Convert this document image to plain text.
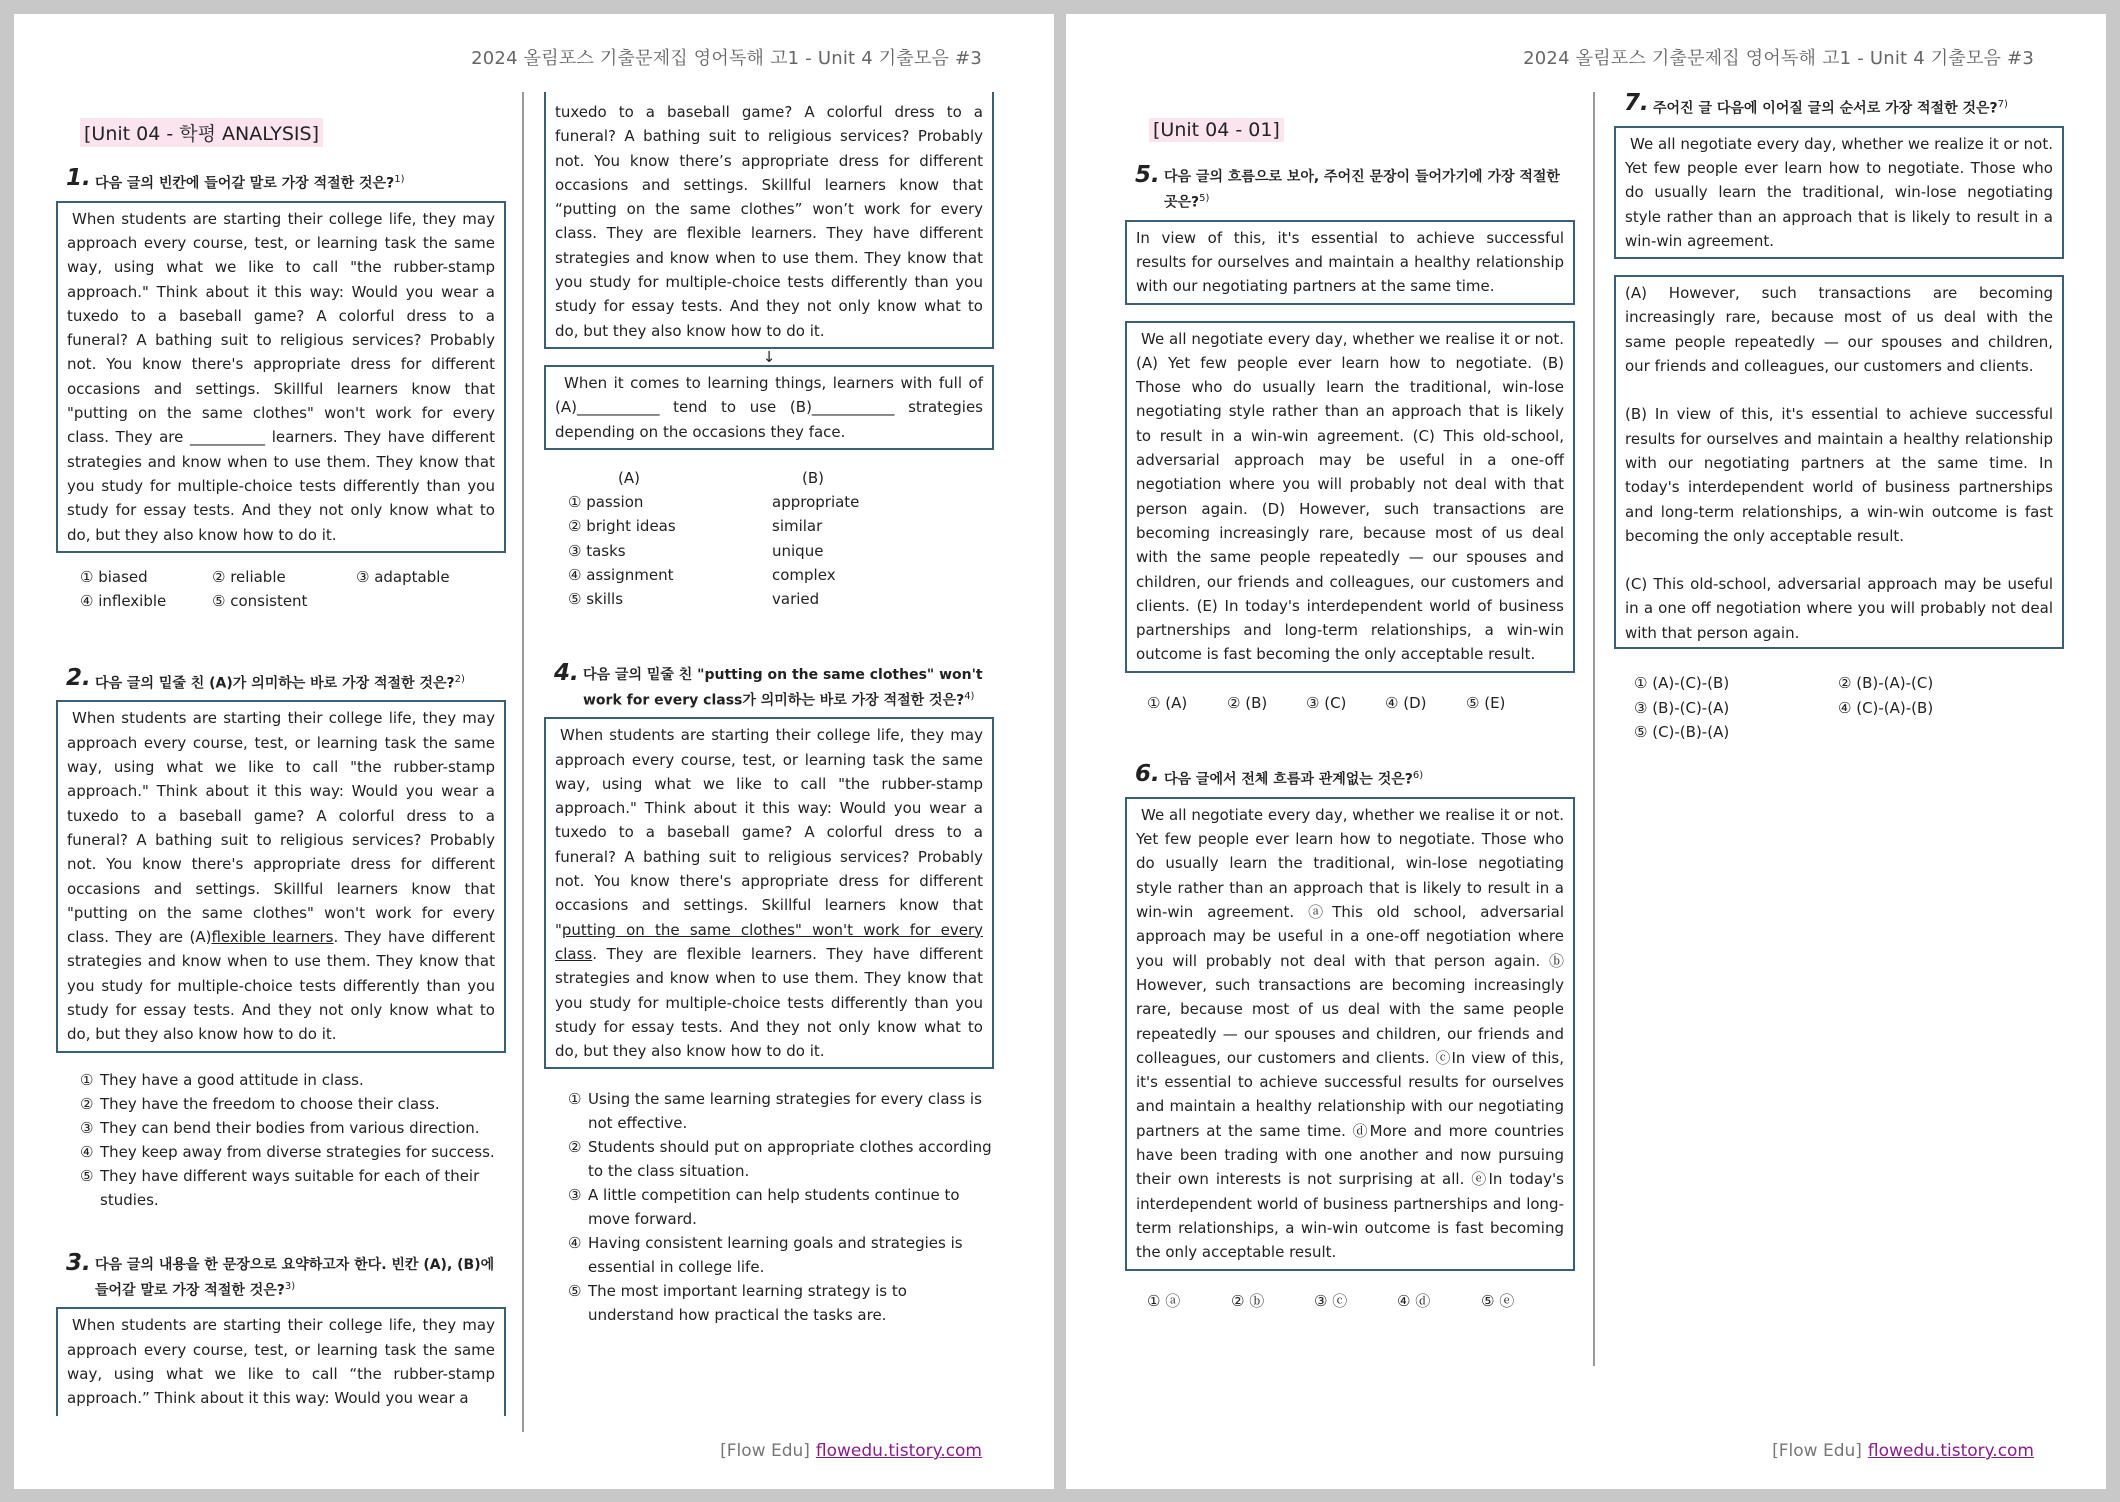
2024 올림포스 기출문제집 영어독해 고1 - Unit 4 기출모음 #3
[Unit 04 - 학평 ANALYSIS]
1. 다음 글의 빈칸에 들어갈 말로 가장 적절한 것은?$^{1)}$
When students are starting their college life, they may approach every course, test, or learning task the same way, using what we like to call "the rubber-stamp approach." Think about it this way: Would you wear a tuxedo to a baseball game? A colorful dress to a funeral? A bathing suit to religious services? Probably not. You know there's appropriate dress for different occasions and settings. Skillful learners know that "putting on the same clothes" won't work for every class. They are __________ learners. They have different strategies and know when to use them. They know that you study for multiple-choice tests differently than you study for essay tests. And they not only know what to do, but they also know how to do it.
① biased	② reliable	③ adaptable
④ inflexible	⑤ consistent
2. 다음 글의 밑줄 친 (A)가 의미하는 바로 가장 적절한 것은?$^{2)}$
When students are starting their college life, they may approach every course, test, or learning task the same way, using what we like to call "the rubber-stamp approach." Think about it this way: Would you wear a tuxedo to a baseball game? A colorful dress to a funeral? A bathing suit to religious services? Probably not. You know there's appropriate dress for different occasions and settings. Skillful learners know that "putting on the same clothes" won't work for every class. They are (A)flexible learners. They have different strategies and know when to use them. They know that you study for multiple-choice tests differently than you study for essay tests. And they not only know what to do, but they also know how to do it.
① They have a good attitude in class.
② They have the freedom to choose their class.
③ They can bend their bodies from various direction.
④ They keep away from diverse strategies for success.
⑤ They have different ways suitable for each of their studies.
3. 다음 글의 내용을 한 문장으로 요약하고자 한다. 빈칸 (A), (B)에 들어갈 말로 가장 적절한 것은?$^{3)}$
When students are starting their college life, they may approach every course, test, or learning task the same way, using what we like to call “the rubber-stamp approach.” Think about it this way: Would you wear a
tuxedo to a baseball game? A colorful dress to a funeral? A bathing suit to religious services? Probably not. You know there’s appropriate dress for different occasions and settings. Skillful learners know that “putting on the same clothes” won’t work for every class. They are flexible learners. They have different strategies and know when to use them. They know that you study for multiple-choice tests differently than you study for essay tests. And they not only know what to do, but they also know how to do it.
↓
When it comes to learning things, learners with full of (A)___________ tend to use (B)___________ strategies depending on the occasions they face.
(A)	(B)
① passion	appropriate
② bright ideas	similar
③ tasks	unique
④ assignment	complex
⑤ skills	varied
4. 다음 글의 밑줄 친 "putting on the same clothes" won't work for every class가 의미하는 바로 가장 적절한 것은?$^{4)}$
When students are starting their college life, they may approach every course, test, or learning task the same way, using what we like to call "the rubber-stamp approach." Think about it this way: Would you wear a tuxedo to a baseball game? A colorful dress to a funeral? A bathing suit to religious services? Probably not. You know there's appropriate dress for different occasions and settings. Skillful learners know that "putting on the same clothes" won't work for every class. They are flexible learners. They have different strategies and know when to use them. They know that you study for multiple-choice tests differently than you study for essay tests. And they not only know what to do, but they also know how to do it.
① Using the same learning strategies for every class is not effective.
② Students should put on appropriate clothes according to the class situation.
③ A little competition can help students continue to move forward.
④ Having consistent learning goals and strategies is essential in college life.
⑤ The most important learning strategy is to understand how practical the tasks are.
[Flow Edu] flowedu.tistory.com
2024 올림포스 기출문제집 영어독해 고1 - Unit 4 기출모음 #3
[Unit 04 - 01]
5. 다음 글의 흐름으로 보아, 주어진 문장이 들어가기에 가장 적절한 곳은?$^{5)}$
In view of this, it's essential to achieve successful results for ourselves and maintain a healthy relationship with our negotiating partners at the same time.
We all negotiate every day, whether we realise it or not. (A) Yet few people ever learn how to negotiate. (B) Those who do usually learn the traditional, win-lose negotiating style rather than an approach that is likely to result in a win-win agreement. (C) This old-school, adversarial approach may be useful in a one-off negotiation where you will probably not deal with that person again. (D) However, such transactions are becoming increasingly rare, because most of us deal with the same people repeatedly — our spouses and children, our friends and colleagues, our customers and clients. (E) In today's interdependent world of business partnerships and long-term relationships, a win-win outcome is fast becoming the only acceptable result.
① (A)	② (B)	③ (C)	④ (D)	⑤ (E)
6. 다음 글에서 전체 흐름과 관계없는 것은?$^{6)}$
We all negotiate every day, whether we realise it or not. Yet few people ever learn how to negotiate. Those who do usually learn the traditional, win-lose negotiating style rather than an approach that is likely to result in a win-win agreement. ⓐThis old school, adversarial approach may be useful in a one-off negotiation where you will probably not deal with that person again. ⓑ However, such transactions are becoming increasingly rare, because most of us deal with the same people repeatedly — our spouses and children, our friends and colleagues, our customers and clients. ⓒIn view of this, it's essential to achieve successful results for ourselves and maintain a healthy relationship with our negotiating partners at the same time. ⓓMore and more countries have been trading with one another and now pursuing their own interests is not surprising at all. ⓔIn today's interdependent world of business partnerships and long-term relationships, a win-win outcome is fast becoming the only acceptable result.
① ⓐ	② ⓑ	③ ⓒ	④ ⓓ	⑤ ⓔ
7. 주어진 글 다음에 이어질 글의 순서로 가장 적절한 것은?$^{7)}$
We all negotiate every day, whether we realize it or not. Yet few people ever learn how to negotiate. Those who do usually learn the traditional, win-lose negotiating style rather than an approach that is likely to result in a win-win agreement.

(A) However, such transactions are becoming increasingly rare, because most of us deal with the same people repeatedly — our spouses and children, our friends and colleagues, our customers and clients.

(B) In view of this, it's essential to achieve successful results for ourselves and maintain a healthy relationship with our negotiating partners at the same time. In today's interdependent world of business partnerships and long-term relationships, a win-win outcome is fast becoming the only acceptable result.

(C) This old-school, adversarial approach may be useful in a one off negotiation where you will probably not deal with that person again.

① (A)-(C)-(B)	② (B)-(A)-(C)
③ (B)-(C)-(A)	④ (C)-(A)-(B)
⑤ (C)-(B)-(A)
[Flow Edu] flowedu.tistory.com
